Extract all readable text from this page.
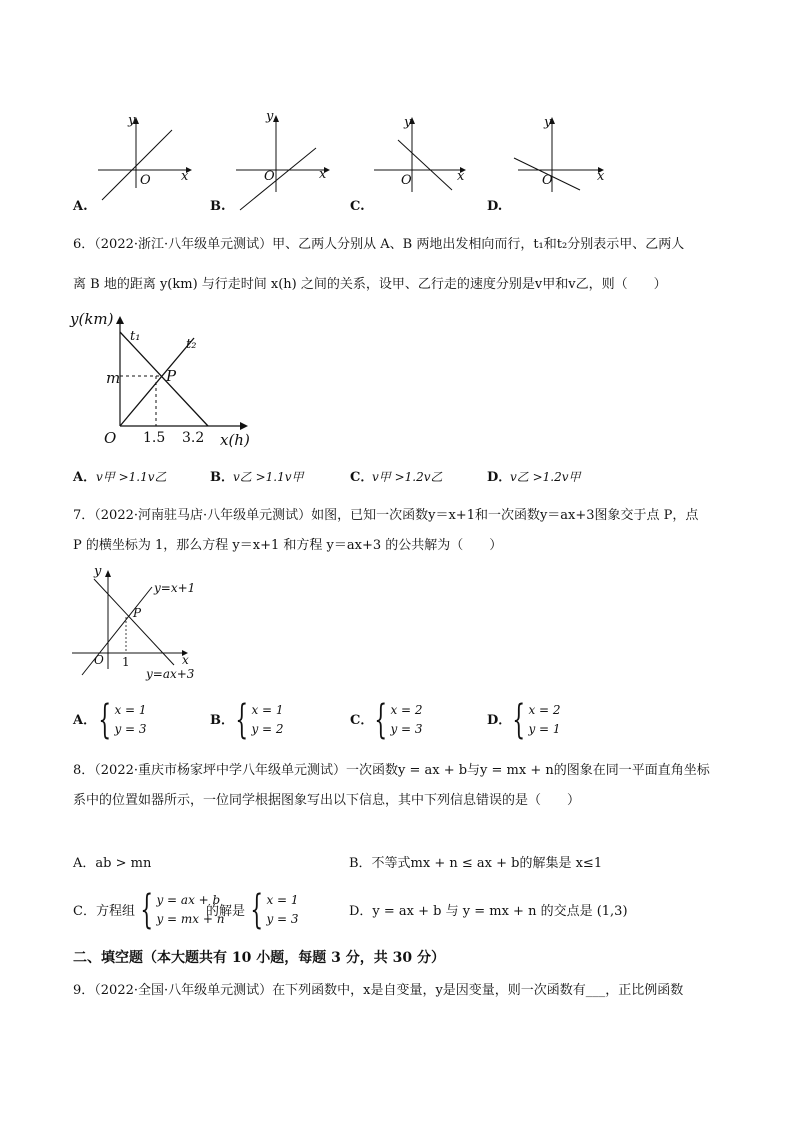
y
x
O
A.
y
x
O
B.
y
x
O
C.
y
x
O
D.
6．（2022·浙江·八年级单元测试）甲、乙两人分别从 A、B 两地出发相向而行，t₁和t₂分别表示甲、乙两人
离 B 地的距离 y(km) 与行走时间 x(h) 之间的关系，设甲、乙行走的速度分别是v甲和v乙，则（　　）
y(km)
t₁
t₂
m	P
O 1.5 3.2 x(h)
A． v甲 >1.1v乙	B． v乙 >1.1v甲	C．
v甲 >1.2v乙	D．
v乙 >1.2v甲
7．（2022·河南驻马店·八年级单元测试）如图，已知一次函数y＝x+1和一次函数y＝ax+3图象交于点 P，点
P 的横坐标为 1，那么方程 y＝x+1 和方程 y＝ax+3 的公共解为（　　）
y
y=x+1
P
O 1	x
y=ax+3
A． { x = 1
y = 3
B． { x = 1
y = 2
C． { x = 2
y = 3
D． { x = 2
y = 1
8．（2022·重庆市杨家坪中学八年级单元测试）一次函数y = ax + b与y = mx + n的图象在同一平面直角坐标
系中的位置如器所示，一位同学根据图象写出以下信息，其中下列信息错误的是（　　）
A．ab > mn	B．不等式mx + n ≤ ax + b的解集是 x≤1
C．方程组 { y = ax + b
y = mx + n
的解是 { x = 1
y = 3	D．y = ax + b 与 y = mx + n 的交点是 (1,3)
二、填空题（本大题共有 10 小题，每题 3 分，共 30 分）
9．（2022·全国·八年级单元测试）在下列函数中，x是自变量，y是因变量，则一次函数有___，正比例函数
